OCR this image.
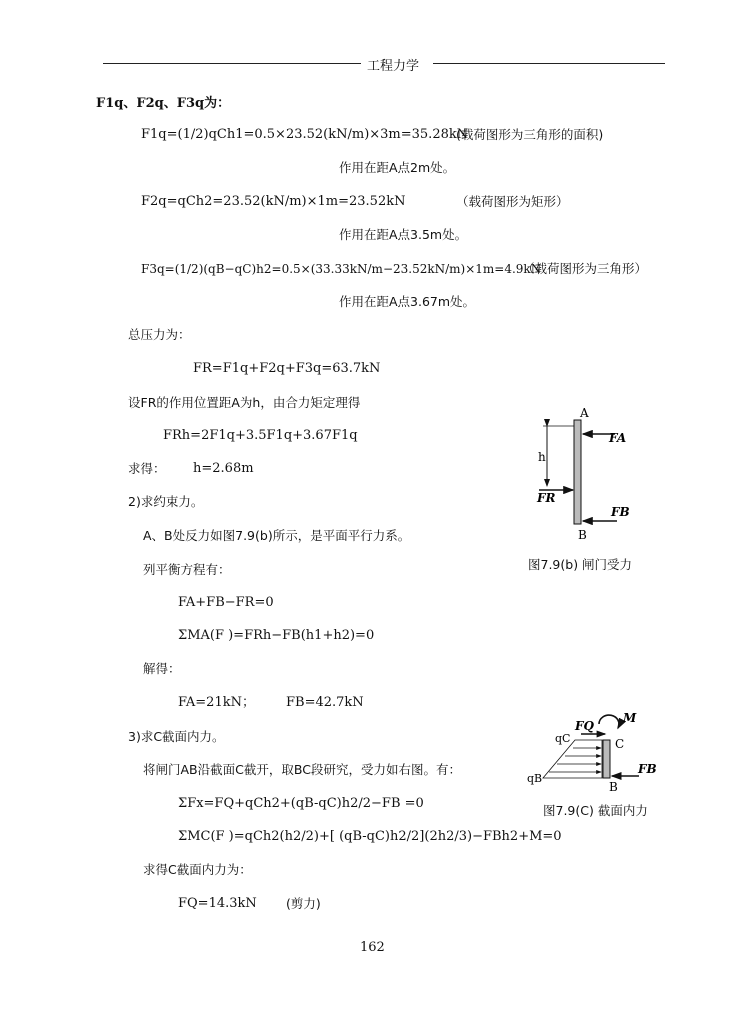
工程力学
F1q、F2q、F3q为：
F1q=(1/2)qCh1=0.5×23.52(kN/m)×3m=35.28kN
(载荷图形为三角形的面积)
作用在距A点2m处。
F2q=qCh2=23.52(kN/m)×1m=23.52kN	（载荷图形为矩形）
作用在距A点3.5m处。
F3q=(1/2)(qB−qC)h2=0.5×(33.33kN/m−23.52kN/m)×1m=4.9kN
（载荷图形为三角形）
作用在距A点3.67m处。
总压力为：
FR=F1q+F2q+F3q=63.7kN
设FR的作用位置距A为h，由合力矩定理得
FRh=2F1q+3.5F1q+3.67F1q
求得： h=2.68m
2)求约束力。
A、B处反力如图7.9(b)所示，是平面平行力系。
列平衡方程有：
FA+FB−FR=0
ΣMA(F )=FRh−FB(h1+h2)=0
解得：
FA=21kN； FB=42.7kN
3)求C截面内力。
将闸门AB沿截面C截开，取BC段研究，受力如右图。有：
ΣFx=FQ+qCh2+(qB-qC)h2/2−FB =0
ΣMC(F )=qCh2(h2/2)+[ (qB-qC)h2/2](2h2/3)−FBh2+M=0
求得C截面内力为：
FQ=14.3kN (剪力)
A
B
h
FA
FR
FB
图7.9(b) 闸门受力
qC
qB
C
B
FQ
M
FB
图7.9(C) 截面内力
162
